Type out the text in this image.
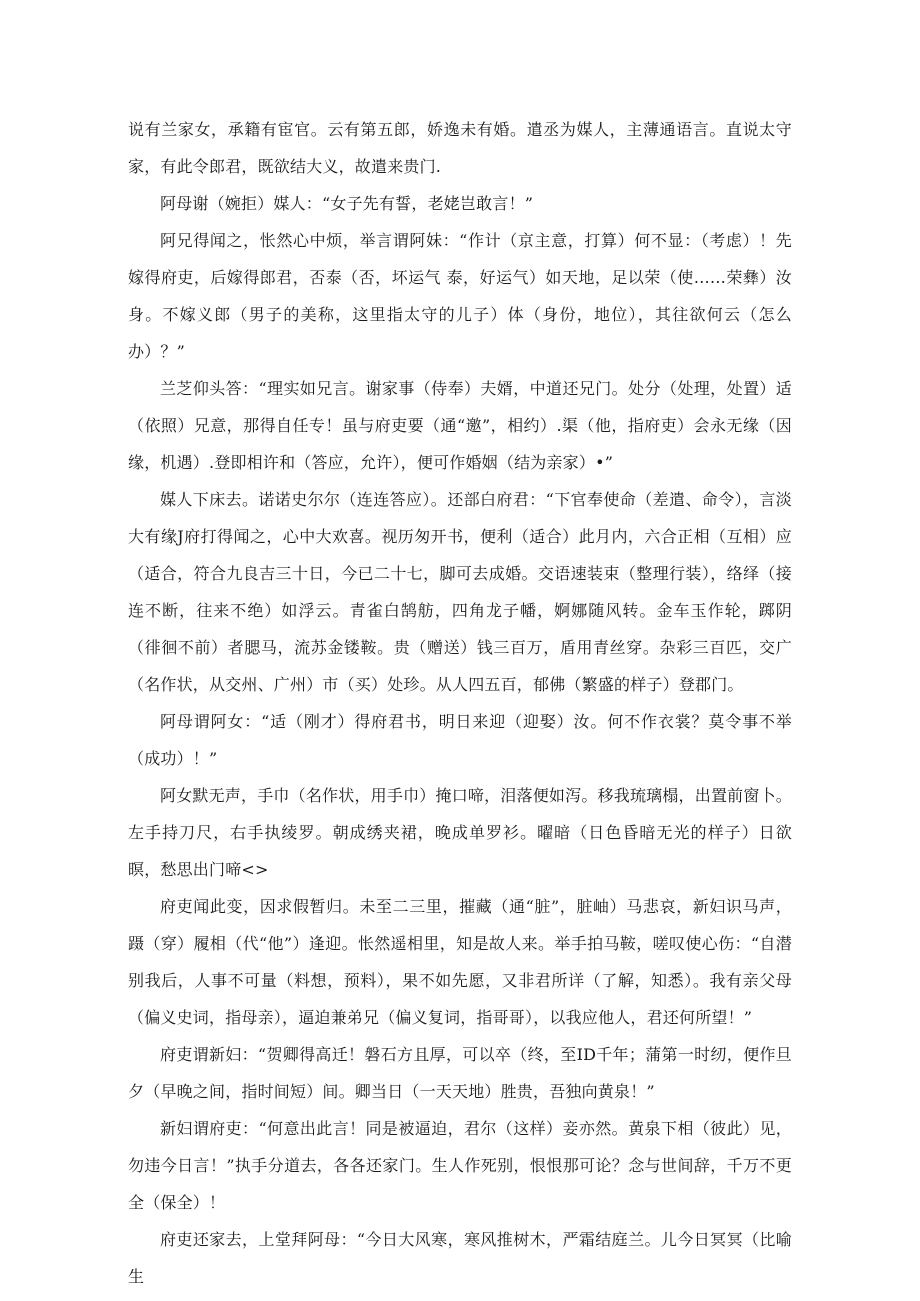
说有兰家女，承籍有宦官。云有第五郎，娇逸未有婚。遣丞为媒人，主薄通语言。直说太守家，有此令郎君，既欲结大义，故遣来贵门.

阿母谢（婉拒）媒人：“女子先有誓，老姥岂敢言！”

阿兄得闻之，怅然心中烦，举言谓阿妹：“作计（京主意，打算）何不显：（考虑）！先嫁得府吏，后嫁得郎君，否泰（否，坏运气 泰，好运气）如天地，足以荣（使……荣彝）汝身。不嫁义郎（男子的美称，这里指太守的儿子）体（身份，地位），其往欲何云（怎么办）？”

兰芝仰头答：“理实如兄言。谢家事（侍奉）夫婿，中道还兄门。处分（处理，处置）适（依照）兄意，那得自任专！虽与府吏要（通“邀”，相约）.渠（他，指府吏）会永无缘（因缘，机遇）.登即相许和（答应，允许），便可作婚姻（结为亲家）•”

媒人下床去。诺诺史尔尔（连连答应）。还部白府君：“下官奉使命（差遣、命令），言淡大有缘J府打得闻之，心中大欢喜。视历匆开书，便利（适合）此月内，六合正相（互相）应（适合，符合九良吉三十日，今已二十七，脚可去成婚。交语速装束（整理行装），络绎（接连不断，往来不绝）如浮云。青雀白鹄舫，四角龙子幡，婀娜随风转。金车玉作轮，踯阴（徘徊不前）者腮马，流苏金镂鞍。贵（赠送）钱三百万，盾用青丝穿。杂彩三百匹，交广（名作状，从交州、广州）市（买）处珍。从人四五百，郁佛（繁盛的样子）登郡门。

阿母谓阿女：“适（刚才）得府君书，明日来迎（迎娶）汝。何不作衣裳？莫令事不举（成功）！”

阿女默无声，手巾（名作状，用手巾）掩口啼，泪落便如泻。移我琉璃榻，出置前窗卜。左手持刀尺，右手执绫罗。朝成绣夹裙，晚成单罗衫。曜暗（日色昏暗无光的样子）日欲暝，愁思出门啼<>

府吏闻此变，因求假暂归。未至二三里，摧藏（通“脏”，脏岫）马悲哀，新妇识马声，蹑（穿）履相（代“他”）逢迎。怅然遥相里，知是故人来。举手拍马鞍，嗟叹使心伤：“自潜别我后，人事不可量（料想，预料），果不如先愿，又非君所详（了解，知悉）。我有亲父母（偏义史词，指母亲），逼迫兼弟兄（偏义复词，指哥哥），以我应他人，君还何所望！”

府吏谓新妇：“贺卿得高迁！磐石方且厚，可以卒（终，至ID千年；蒲第一时纫，便作旦夕（早晚之间，指时间短）间。卿当日（一天天地）胜贵，吾独向黄泉！”

新妇谓府吏：“何意出此言！同是被逼迫，君尔（这样）妾亦然。黄泉下相（彼此）见，勿违今日言！”执手分道去，各各还家门。生人作死别，恨恨那可论？念与世间辞，千万不更全（保全）！

府吏还家去，上堂拜阿母：“今日大风寒，寒风推树木，严霜结庭兰。儿今日冥冥（比喻生
